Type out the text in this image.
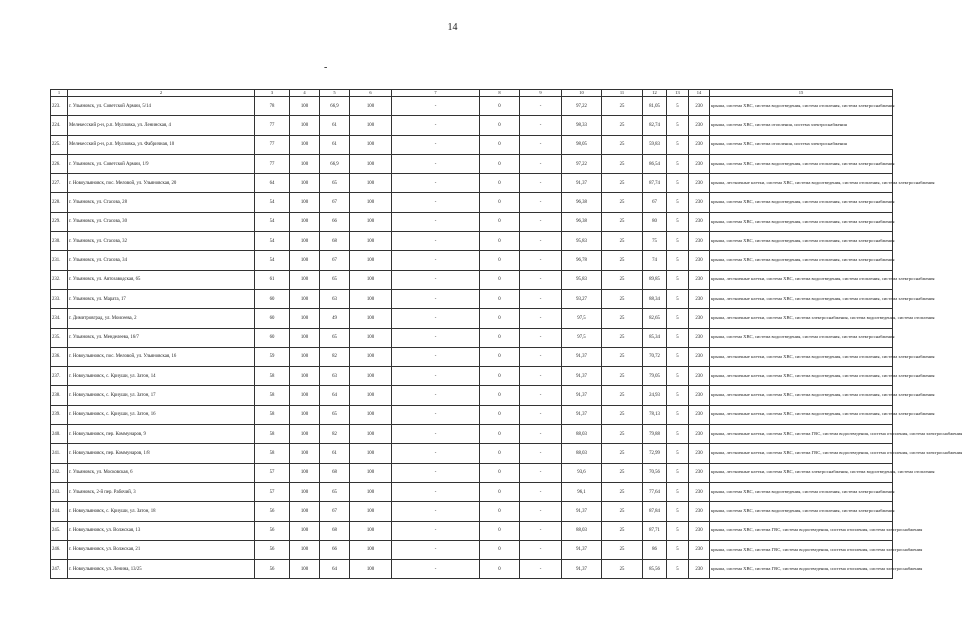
14
-
1	2	3	4	5	6	7	8	9	10	11	12	13	14	15
223.	г. Ульяновск, ул. Советской Армии, 5/14	78	100	66,9	100	-	0	-	97,22	25	81,05	5	230	крыша, система ХВС, система водоотведения, система отопления, система электроснабжения
224.	Мелекесский р-н, р.п. Мулловка, ул. Ленинская, 4	77	100	61	100	-	0	-	98,33	25	82,74	5	230	крыша, система ХВС, система отопления, система электроснабжения
225.	Мелекесский р-н, р.п. Мулловка, ул. Фабричная, 10	77	100	61	100	-	0	-	98,05	25	59,83	5	230	крыша, система ХВС, система отопления, система электроснабжения
226.	г. Ульяновск, ул. Советской Армии, 1/9	77	100	66,9	100	-	0	-	97,22	25	86,54	5	230	крыша, система ХВС, система водоотведения, система отопления, система электроснабжения
227.	г. Новоульяновск, пос. Меловой, ул. Ульяновская, 20	64	100	65	100	-	0	-	91,37	25	87,74	5	230	крыша, лестничные клетки, система ХВС, система водоотведения, система отопления, система электроснабжения
228.	г. Ульяновск, ул. Стасова, 28	54	100	67	100	-	0	-	96,38	25	67	5	230	крыша, система ХВС, система водоотведения, система отопления, система электроснабжения
229.	г. Ульяновск, ул. Стасова, 30	54	100	66	100	-	0	-	96,38	25	80	5	230	крыша, система ХВС, система водоотведения, система отопления, система электроснабжения
230.	г. Ульяновск, ул. Стасова, 32	54	100	68	100	-	0	-	95,83	25	75	5	230	крыша, система ХВС, система водоотведения, система отопления, система электроснабжения
231.	г. Ульяновск, ул. Стасова, 34	54	100	67	100	-	0	-	96,78	25	74	5	230	крыша, система ХВС, система водоотведения, система отопления, система электроснабжения
232.	г. Ульяновск, ул. Автозаводская, 65	61	100	65	100	-	0	-	95,83	25	89,85	5	230	крыша, лестничные клетки, система ХВС, система водоотведения, система отопления, система электроснабжения
233.	г. Ульяновск, ул. Марата, 17	60	100	63	100	-	0	-	93,27	25	88,34	5	230	крыша, лестничные клетки, система ХВС, система водоотведения, система отопления, система электроснабжения
234.	г. Димитровград, ул. Моисеева, 2	60	100	49	100	-	0	-	97,5	25	82,65	5	230	крыша, лестничные клетки, система ХВС, система электроснабжения, система водоотведения, система отопления
235.	г. Ульяновск, ул. Менделеева, 16/7	60	100	65	100	-	0	-	97,5	25	85,34	5	230	крыша, система ХВС, система водоотведения, система отопления, система электроснабжения
236.	г. Новоульяновск, пос. Меловой, ул. Ульяновская, 16	59	100	82	100	-	0	-	91,37	25	70,72	5	230	крыша, лестничные клетки, система ХВС, система водоотведения, система отопления, система электроснабжения
237.	г. Новоульяновск, с. Криуши, ул. Затон, 14	58	100	63	100	-	0	-	91,37	25	79,05	5	230	крыша, лестничные клетки, система ХВС, система водоотведения, система отопления, система электроснабжения
238.	г. Новоульяновск, с. Криуши, ул. Затон, 17	58	100	64	100	-	0	-	91,37	25	24,93	5	230	крыша, лестничные клетки, система ХВС, система водоотведения, система отопления, система электроснабжения
239.	г. Новоульяновск, с. Криуши, ул. Затон, 16	58	100	65	100	-	0	-	91,37	25	78,13	5	230	крыша, лестничные клетки, система ХВС, система водоотведения, система отопления, система электроснабжения
240.	г. Новоульяновск, пер. Коммунаров, 9	58	100	82	100	-	0	-	88,03	25	79,88	5	230	крыша, лестничные клетки, система ХВС, система ГВС, система водоотведения, система отопления, система электроснабжения
241.	г. Новоульяновск, пер. Коммунаров, 1/8	58	100	61	100	-	0	-	88,03	25	72,99	5	230	крыша, лестничные клетки, система ХВС, система ГВС, система водоотведения, система отопления, система электроснабжения
242.	г. Ульяновск, ул. Московская, 6	57	100	68	100	-	0	-	93,6	25	70,56	5	230	крыша, лестничные клетки, система ХВС, система электроснабжения, система водоотведения, система отопления
243.	г. Ульяновск, 2-й пер. Рабочий, 3	57	100	65	100	-	0	-	96,1	25	77,64	5	230	крыша, система ХВС, система водоотведения, система отопления, система электроснабжения
244.	г. Новоульяновск, с. Криуши, ул. Затон, 18	56	100	67	100	-	0	-	91,37	25	87,84	5	230	крыша, система ХВС, система водоотведения, система отопления, система электроснабжения
245.	г. Новоульяновск, ул. Волжская, 13	56	100	68	100	-	0	-	88,03	25	87,71	5	230	крыша, система ХВС, система ГВС, система водоотведения, система отопления, система электроснабжения
246.	г. Новоульяновск, ул. Волжская, 21	56	100	66	100	-	0	-	91,37	25	86	5	230	крыша, система ХВС, система ГВС, система водоотведения, система отопления, система электроснабжения
247.	г. Новоульяновск, ул. Ленина, 13/25	56	100	64	100	-	0	-	91,37	25	85,56	5	230	крыша, система ХВС, система ГВС, система водоотведения, система отопления, система электроснабжения
